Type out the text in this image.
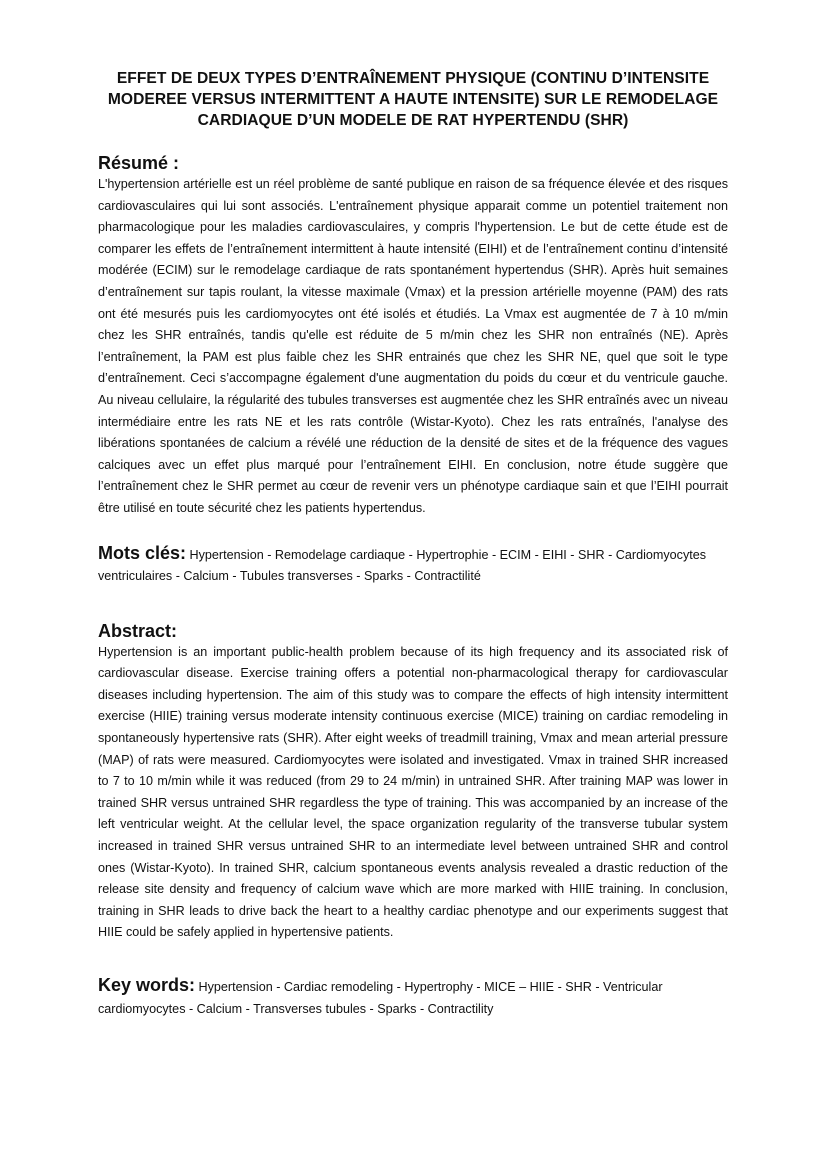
EFFET DE DEUX TYPES D’ENTRAÎNEMENT PHYSIQUE (CONTINU D’INTENSITE MODEREE VERSUS INTERMITTENT A HAUTE INTENSITE) SUR LE REMODELAGE CARDIAQUE D’UN MODELE DE RAT HYPERTENDU (SHR)
Résumé :

L'hypertension artérielle est un réel problème de santé publique en raison de sa fréquence élevée et des risques cardiovasculaires qui lui sont associés. L'entraînement physique apparait comme un potentiel traitement non pharmacologique pour les maladies cardiovasculaires, y compris l'hypertension. Le but de cette étude est de comparer les effets de l’entraînement intermittent à haute intensité (EIHI) et de l’entraînement continu d’intensité modérée (ECIM) sur le remodelage cardiaque de rats spontanément hypertendus (SHR). Après huit semaines d’entraînement sur tapis roulant, la vitesse maximale (Vmax) et la pression artérielle moyenne (PAM) des rats ont été mesurés puis les cardiomyocytes ont été isolés et étudiés. La Vmax est augmentée de 7 à 10 m/min chez les SHR entraînés, tandis qu'elle est réduite de 5 m/min chez les SHR non entraînés (NE). Après l’entraînement, la PAM est plus faible chez les SHR entrainés que chez les SHR NE, quel que soit le type d’entraînement. Ceci s’accompagne également d'une augmentation du poids du cœur et du ventricule gauche. Au niveau cellulaire, la régularité des tubules transverses est augmentée chez les SHR entraînés avec un niveau intermédiaire entre les rats NE et les rats contrôle (Wistar-Kyoto). Chez les rats entraînés, l'analyse des libérations spontanées de calcium a révélé une réduction de la densité de sites et de la fréquence des vagues calciques avec un effet plus marqué pour l’entraînement EIHI. En conclusion, notre étude suggère que l’entraînement chez le SHR permet au cœur de revenir vers un phénotype cardiaque sain et que l’EIHI pourrait être utilisé en toute sécurité chez les patients hypertendus.

Mots clés: Hypertension - Remodelage cardiaque - Hypertrophie - ECIM - EIHI - SHR - Cardiomyocytes ventriculaires - Calcium - Tubules transverses - Sparks - Contractilité

Abstract:

Hypertension is an important public-health problem because of its high frequency and its associated risk of cardiovascular disease. Exercise training offers a potential non-pharmacological therapy for cardiovascular diseases including hypertension. The aim of this study was to compare the effects of high intensity intermittent exercise (HIIE) training versus moderate intensity continuous exercise (MICE) training on cardiac remodeling in spontaneously hypertensive rats (SHR). After eight weeks of treadmill training, Vmax and mean arterial pressure (MAP) of rats were measured. Cardiomyocytes were isolated and investigated. Vmax in trained SHR increased to 7 to 10 m/min while it was reduced (from 29 to 24 m/min) in untrained SHR. After training MAP was lower in trained SHR versus untrained SHR regardless the type of training. This was accompanied by an increase of the left ventricular weight. At the cellular level, the space organization regularity of the transverse tubular system increased in trained SHR versus untrained SHR to an intermediate level between untrained SHR and control ones (Wistar-Kyoto). In trained SHR, calcium spontaneous events analysis revealed a drastic reduction of the release site density and frequency of calcium wave which are more marked with HIIE training. In conclusion, training in SHR leads to drive back the heart to a healthy cardiac phenotype and our experiments suggest that HIIE could be safely applied in hypertensive patients.

Key words: Hypertension - Cardiac remodeling - Hypertrophy - MICE – HIIE - SHR - Ventricular cardiomyocytes - Calcium - Transverses tubules - Sparks - Contractility
